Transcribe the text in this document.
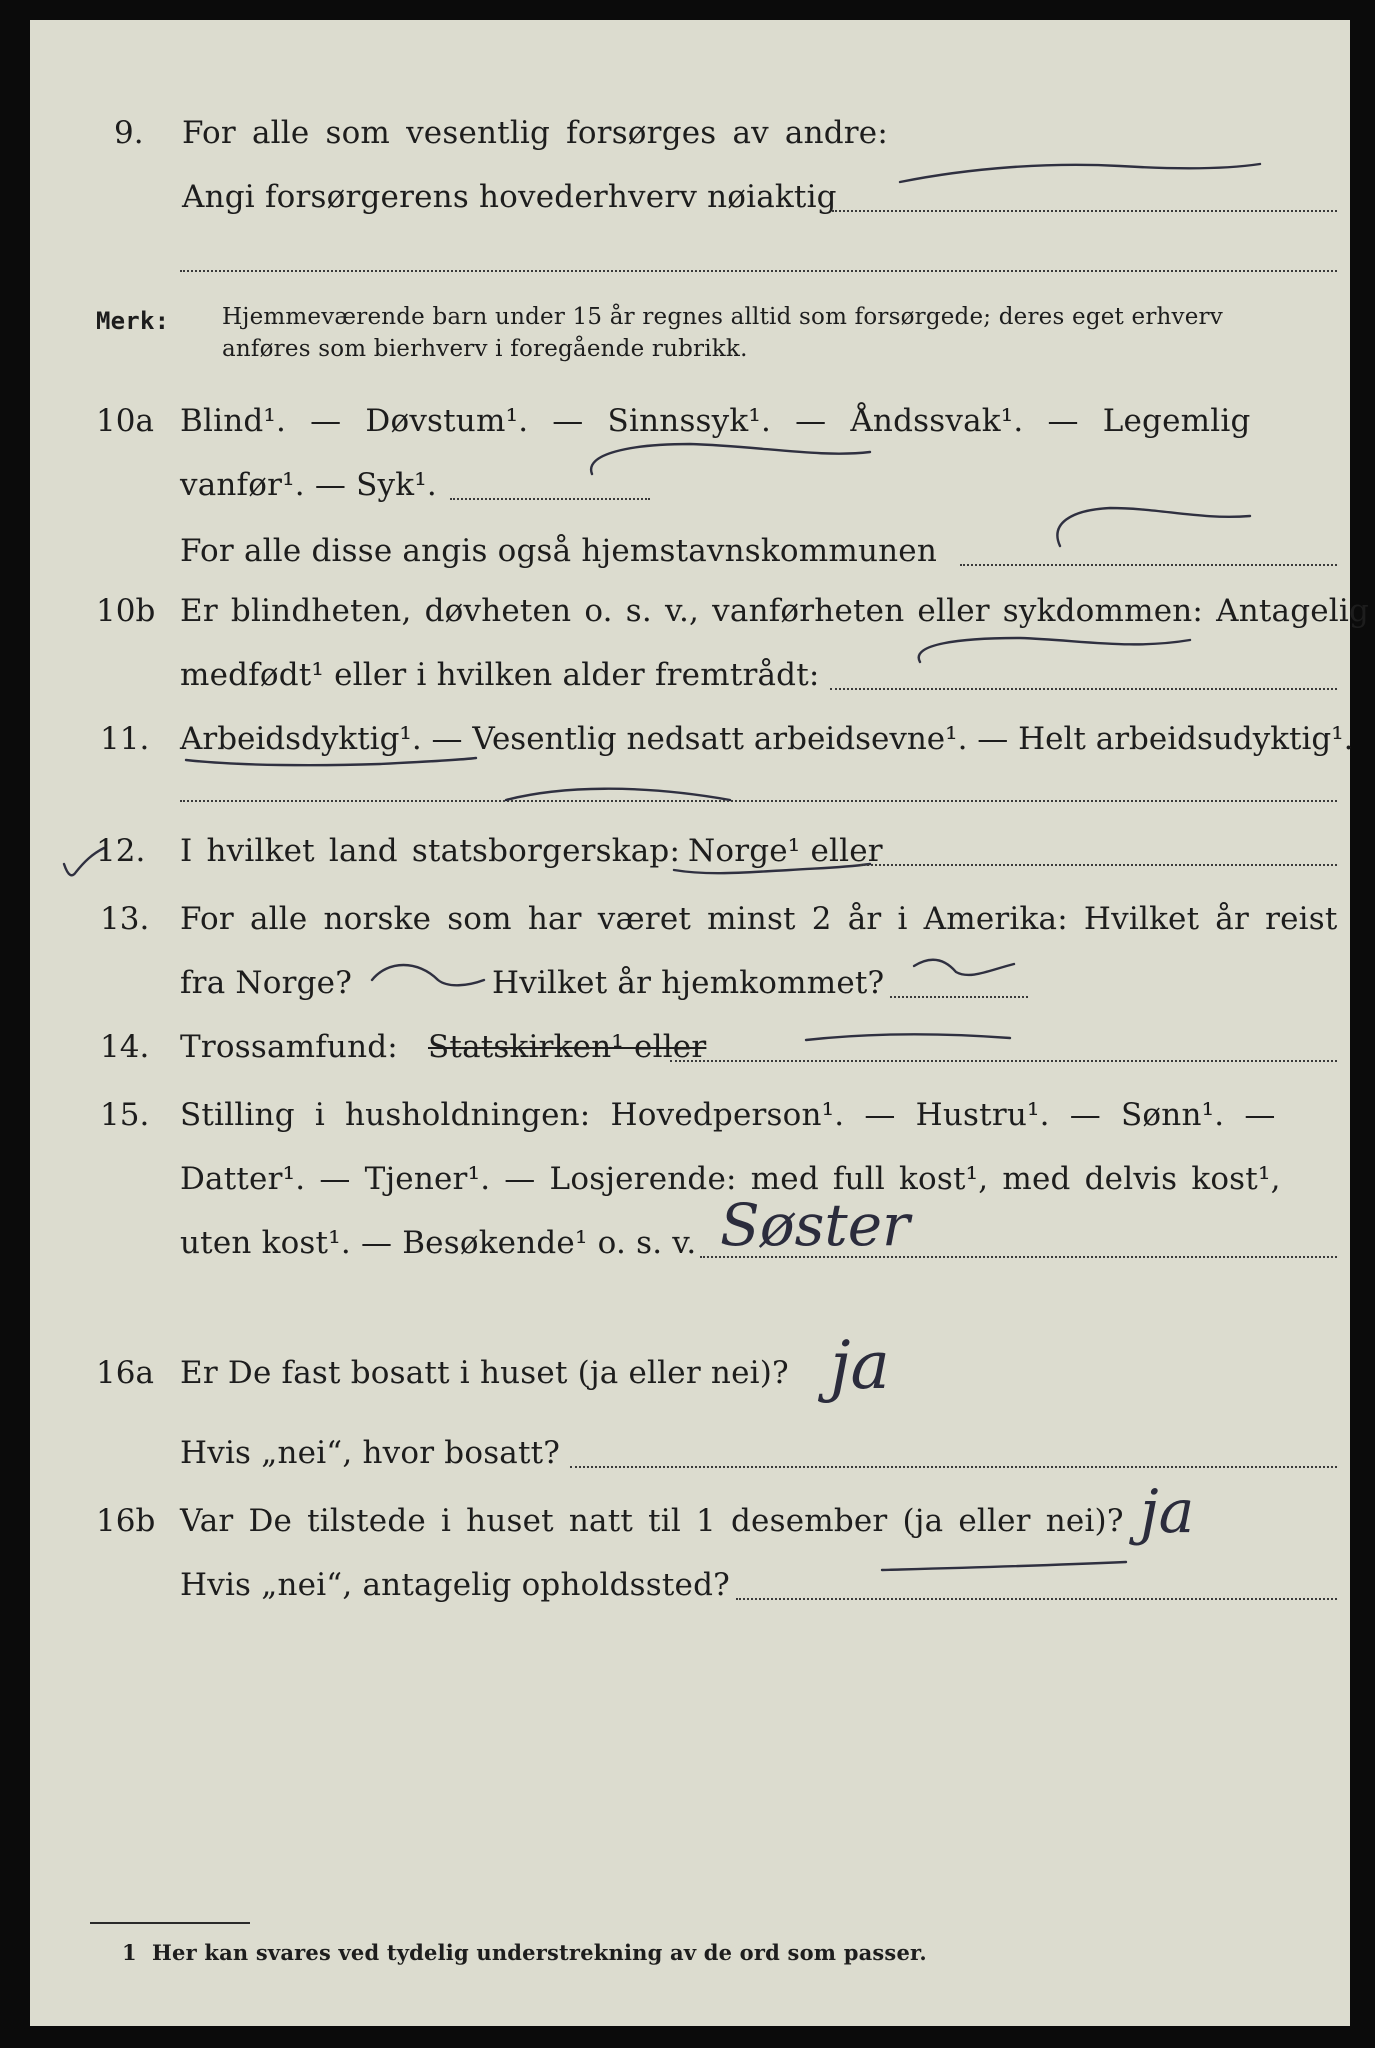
9. For alle som vesentlig forsørges av andre:
Angi forsørgerens hovederhverv nøiaktig
Merk: Hjemmeværende barn under 15 år regnes alltid som forsørgede; deres eget erhverv
anføres som bierhverv i foregående rubrikk.
10a Blind¹. — Døvstum¹. — Sinnssyk¹. — Åndssvak¹. — Legemlig
vanfør¹. — Syk¹.
For alle disse angis også hjemstavnskommunen
10b Er blindheten, døvheten o. s. v., vanførheten eller sykdommen: Antagelig
medfødt¹ eller i hvilken alder fremtrådt:
11. Arbeidsdyktig¹. — Vesentlig nedsatt arbeidsevne¹. — Helt arbeidsudyktig¹.
12. I hvilket land statsborgerskap: Norge¹ eller
13. For alle norske som har været minst 2 år i Amerika: Hvilket år reist
fra Norge?	Hvilket år hjemkommet?
14. Trossamfund: Statskirken¹ eller
15. Stilling i husholdningen: Hovedperson¹. — Hustru¹. — Sønn¹. —
Datter¹. — Tjener¹. — Losjerende: med full kost¹, med delvis kost¹,
uten kost¹. — Besøkende¹ o. s. v. Søster
16a Er De fast bosatt i huset (ja eller nei)? ja
Hvis „nei“, hvor bosatt?
16b Var De tilstede i huset natt til 1 desember (ja eller nei)? ja
Hvis „nei“, antagelig opholdssted?
1 Her kan svares ved tydelig understrekning av de ord som passer.
